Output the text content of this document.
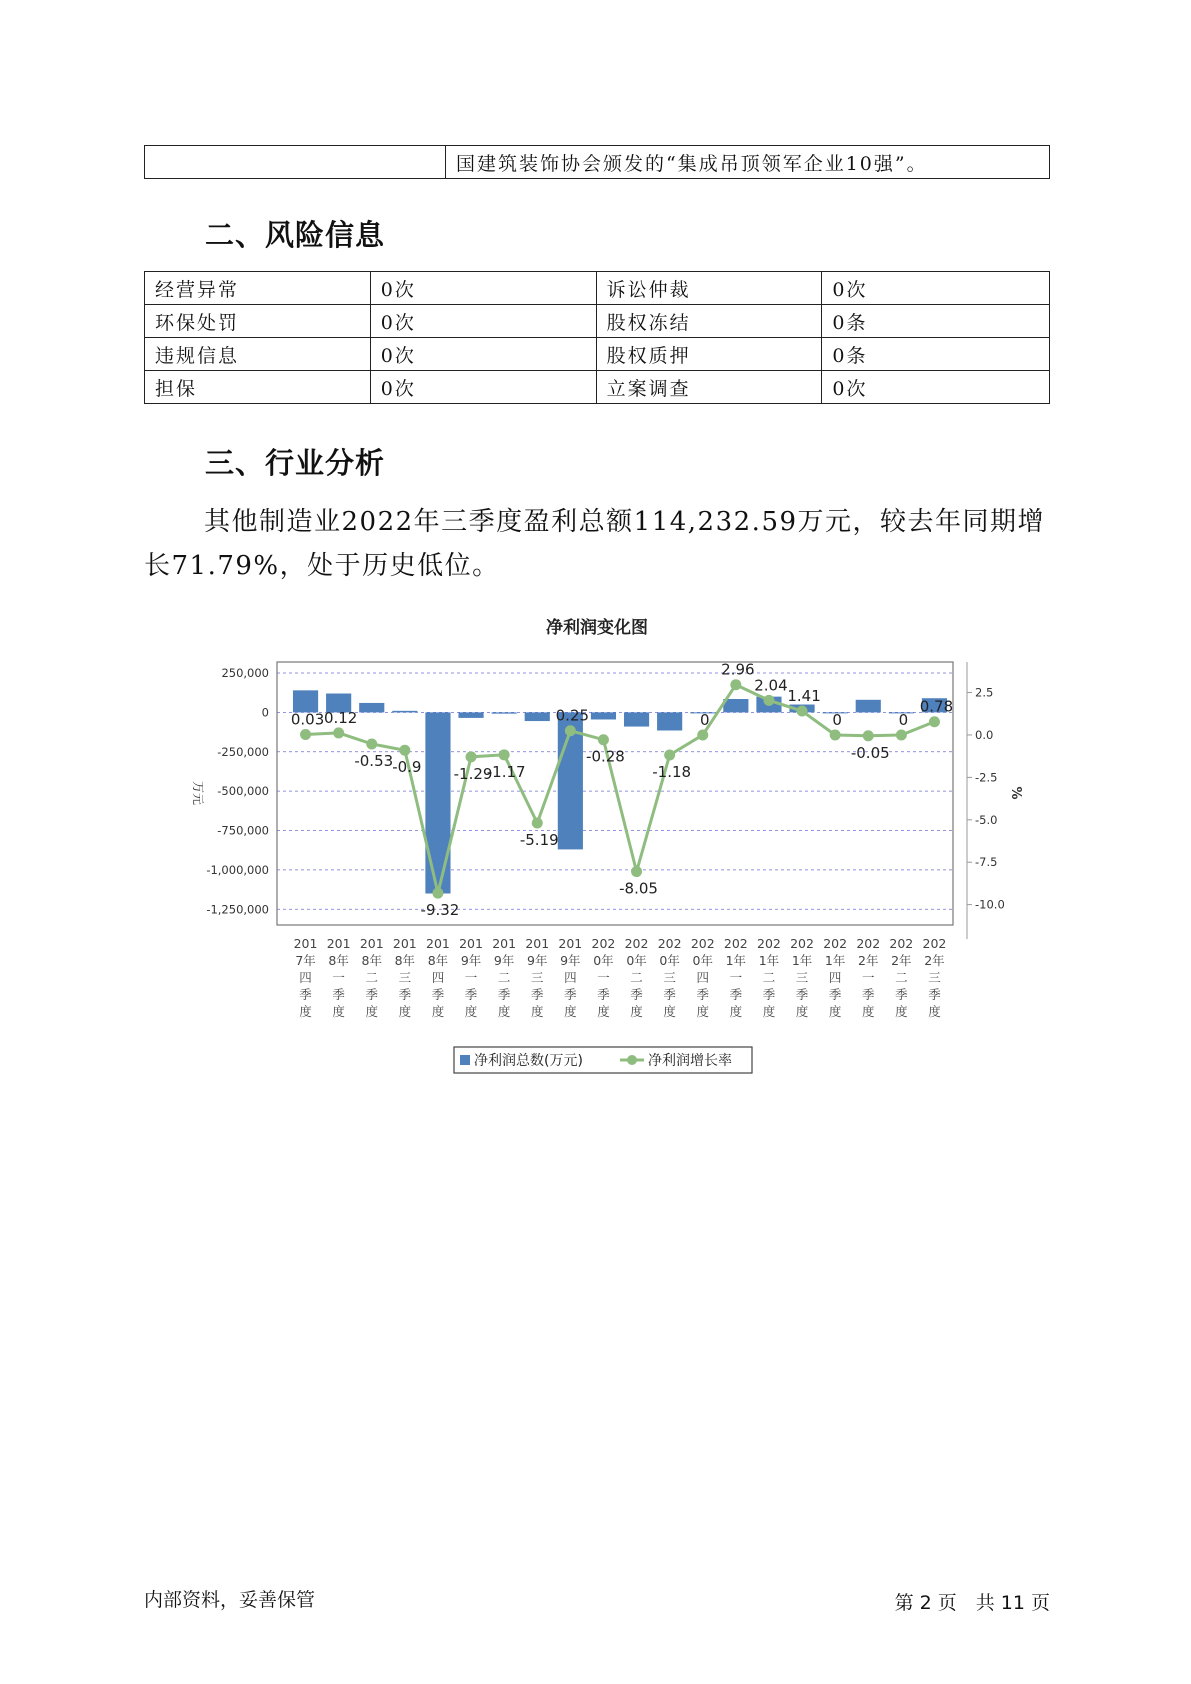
	国建筑装饰协会颁发的“集成吊顶领军企业10强”。
二、风险信息
经营异常	0次	诉讼仲裁	0次
环保处罚	0次	股权冻结	0条
违规信息	0次	股权质押	0条
担保	0次	立案调查	0次
三、行业分析
其他制造业2022年三季度盈利总额114,232.59万元，较去年同期增长71.79%，处于历史低位。
净利润变化图
250,000
0
-250,000
-500,000
-750,000
-1,000,000
-1,250,000
2.5
0.0
-2.5
-5.0
-7.5
-10.0
万元	%
0.03 0.12
-0.53 -0.9
-9.32
-1.29
-1.17
-5.19
0.25
-0.28
-8.05
-1.18
0
2.96
2.04
1.41
0
-0.05
0
0.78
201
7年
四
季
度
201
8年
一
季
度
201
8年
二
季
度
201
8年
三
季
度
201
8年
四
季
度
201
9年
一
季
度
201
9年
二
季
度
201
9年
三
季
度
201
9年
四
季
度
202
0年
一
季
度
202
0年
二
季
度
202
0年
三
季
度
202
0年
四
季
度
202
1年
一
季
度
202
1年
二
季
度
202
1年
三
季
度
202
1年
四
季
度
202
2年
一
季
度
202
2年
二
季
度
202
2年
三
季
度
净利润总数(万元)	净利润增长率
内部资料，妥善保管	第 2 页　共 11 页
